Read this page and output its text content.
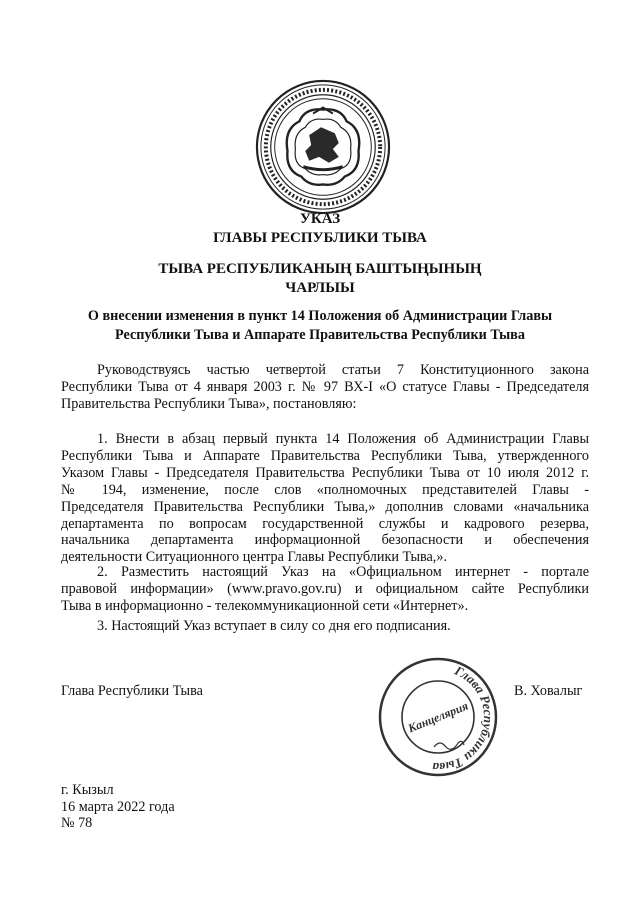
УКАЗ
ГЛАВЫ РЕСПУБЛИКИ ТЫВА
ТЫВА РЕСПУБЛИКАНЫҢ БАШТЫҢЫНЫҢ
ЧАРЛЫЫ
О внесении изменения в пункт 14 Положения об Администрации Главы
Республики Тыва и Аппарате Правительства Республики Тыва
Руководствуясь частью четвертой статьи 7 Конституционного закона
Республики Тыва от 4 января 2003 г. № 97 ВХ-I «О статусе Главы - Председателя
Правительства Республики Тыва», постановляю:
1. Внести в абзац первый пункта 14 Положения об Администрации Главы
Республики Тыва и Аппарате Правительства Республики Тыва, утвержденного
Указом Главы - Председателя Правительства Республики Тыва от 10 июля 2012 г.
№ 194, изменение, после слов «полномочных представителей Главы -
Председателя Правительства Республики Тыва,» дополнив словами «начальника
департамента по вопросам государственной службы и кадрового резерва,
начальника департамента информационной безопасности и обеспечения
деятельности Ситуационного центра Главы Республики Тыва,».
2. Разместить настоящий Указ на «Официальном интернет - портале
правовой информации» (www.pravo.gov.ru) и официальном сайте Республики
Тыва в информационно - телекоммуникационной сети «Интернет».
3. Настоящий Указ вступает в силу со дня его подписания.
Глава Республики Тыва
Глава Республики Тыва
Канцелярия
В. Ховалыг
г. Кызыл
16 марта 2022 года
№ 78
